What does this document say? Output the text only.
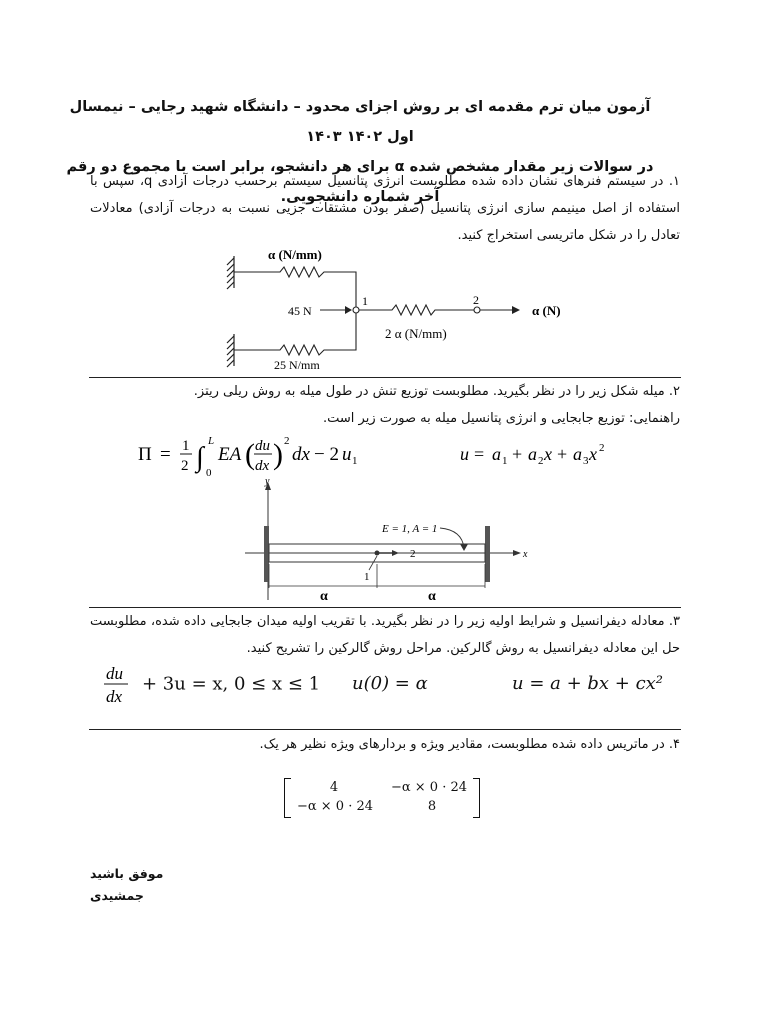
آزمون میان ترم مقدمه ای بر روش اجزای محدود – دانشگاه شهید رجایی – نیمسال اول ۱۴۰۲ ۱۴۰۳
در سوالات زیر مقدار مشخص شده α برای هر دانشجو، برابر است با مجموع دو رقم آخر شماره دانشجویی.
۱. در سیستم فنرهای نشان داده شده مطلوبست انرژی پتانسیل سیستم برحسب درجات آزادی q، سپس با استفاده از اصل مینیمم سازی انرژی پتانسیل (صفر بودن مشتقات جزیی نسبت به درجات آزادی) معادلات تعادل را در شکل ماتریسی استخراج کنید.
α (N/mm)
45 N
1	2
α (N)
2 α (N/mm)
25 N/mm
۲. میله شکل زیر را در نظر بگیرید. مطلوبست توزیع تنش در طول میله به روش ریلی ریتز.
راهنمایی: توزیع جابجایی و انرژی پتانسیل میله به صورت زیر است.
Π = 1
2 ∫
L
0
EA ( du
dx ) 2
dx − 2 u 1	u = a 1 + a 2 x + a 3 x 2
y
x
1
2
E = 1, A = 1
α	α
۳. معادله دیفرانسیل و شرایط اولیه زیر را در نظر بگیرید. با تقریب اولیه میدان جابجایی داده شده، مطلوبست حل این معادله دیفرانسیل به روش گالرکین. مراحل روش گالرکین را تشریح کنید.
du
dx
+ 3u = x, 0 ≤ x ≤ 1 u(0) = α	u = a + bx + cx²
۴. در ماتریس داده شده مطلوبست، مقادیر ویژه و بردارهای ویژه نظیر هر یک.
4	−α × 0 · 24
−α × 0 · 24	8
موفق باشید
جمشیدی
